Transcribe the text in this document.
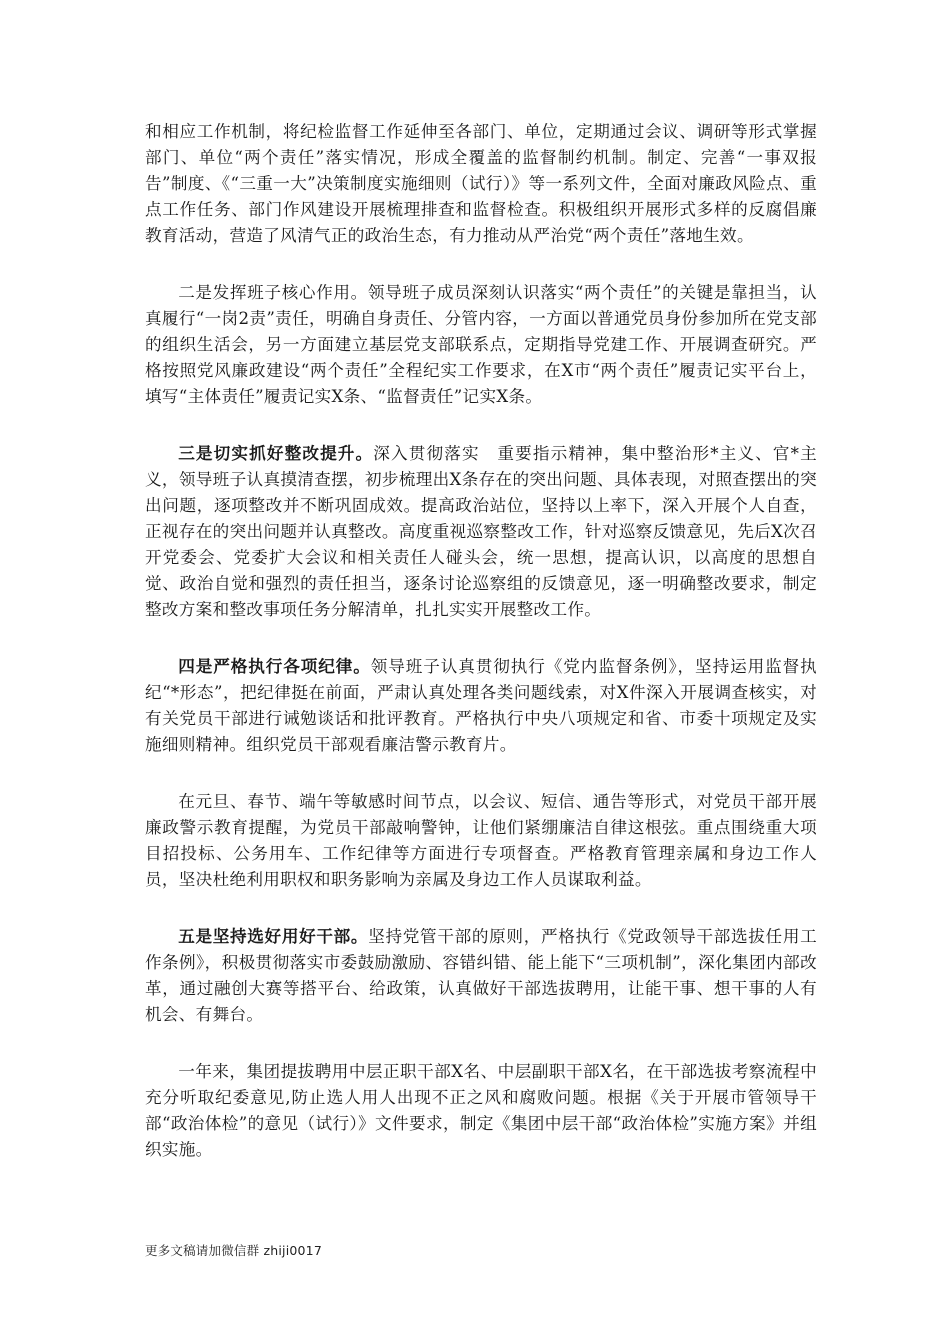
和相应工作机制，将纪检监督工作延伸至各部门、单位，定期通过会议、调研等形式掌握部门、单位“两个责任”落实情况，形成全覆盖的监督制约机制。制定、完善“一事双报告”制度、《“三重一大”决策制度实施细则（试行）》等一系列文件，全面对廉政风险点、重点工作任务、部门作风建设开展梳理排查和监督检查。积极组织开展形式多样的反腐倡廉教育活动，营造了风清气正的政治生态，有力推动从严治党“两个责任”落地生效。

二是发挥班子核心作用。领导班子成员深刻认识落实“两个责任”的关键是靠担当，认真履行“一岗2责”责任，明确自身责任、分管内容，一方面以普通党员身份参加所在党支部的组织生活会，另一方面建立基层党支部联系点，定期指导党建工作、开展调查研究。严格按照党风廉政建设“两个责任”全程纪实工作要求，在X市“两个责任”履责记实平台上，填写“主体责任”履责记实X条、“监督责任”记实X条。

三是切实抓好整改提升。深入贯彻落实　重要指示精神，集中整治形*主义、官*主义，领导班子认真摸清查摆，初步梳理出X条存在的突出问题、具体表现，对照查摆出的突出问题，逐项整改并不断巩固成效。提高政治站位，坚持以上率下，深入开展个人自查，正视存在的突出问题并认真整改。高度重视巡察整改工作，针对巡察反馈意见，先后X次召开党委会、党委扩大会议和相关责任人碰头会，统一思想，提高认识，以高度的思想自觉、政治自觉和强烈的责任担当，逐条讨论巡察组的反馈意见，逐一明确整改要求，制定整改方案和整改事项任务分解清单，扎扎实实开展整改工作。

四是严格执行各项纪律。领导班子认真贯彻执行《党内监督条例》，坚持运用监督执纪“*形态”，把纪律挺在前面，严肃认真处理各类问题线索，对X件深入开展调查核实，对有关党员干部进行诫勉谈话和批评教育。严格执行中央八项规定和省、市委十项规定及实施细则精神。组织党员干部观看廉洁警示教育片。

在元旦、春节、端午等敏感时间节点，以会议、短信、通告等形式，对党员干部开展廉政警示教育提醒，为党员干部敲响警钟，让他们紧绷廉洁自律这根弦。重点围绕重大项目招投标、公务用车、工作纪律等方面进行专项督查。严格教育管理亲属和身边工作人员，坚决杜绝利用职权和职务影响为亲属及身边工作人员谋取利益。

五是坚持选好用好干部。坚持党管干部的原则，严格执行《党政领导干部选拔任用工作条例》，积极贯彻落实市委鼓励激励、容错纠错、能上能下“三项机制”，深化集团内部改革，通过融创大赛等搭平台、给政策，认真做好干部选拔聘用，让能干事、想干事的人有机会、有舞台。

一年来，集团提拔聘用中层正职干部X名、中层副职干部X名，在干部选拔考察流程中充分听取纪委意见,防止选人用人出现不正之风和腐败问题。根据《关于开展市管领导干部“政治体检”的意见（试行）》文件要求，制定《集团中层干部“政治体检”实施方案》并组织实施。

更多文稿请加微信群 zhiji0017
